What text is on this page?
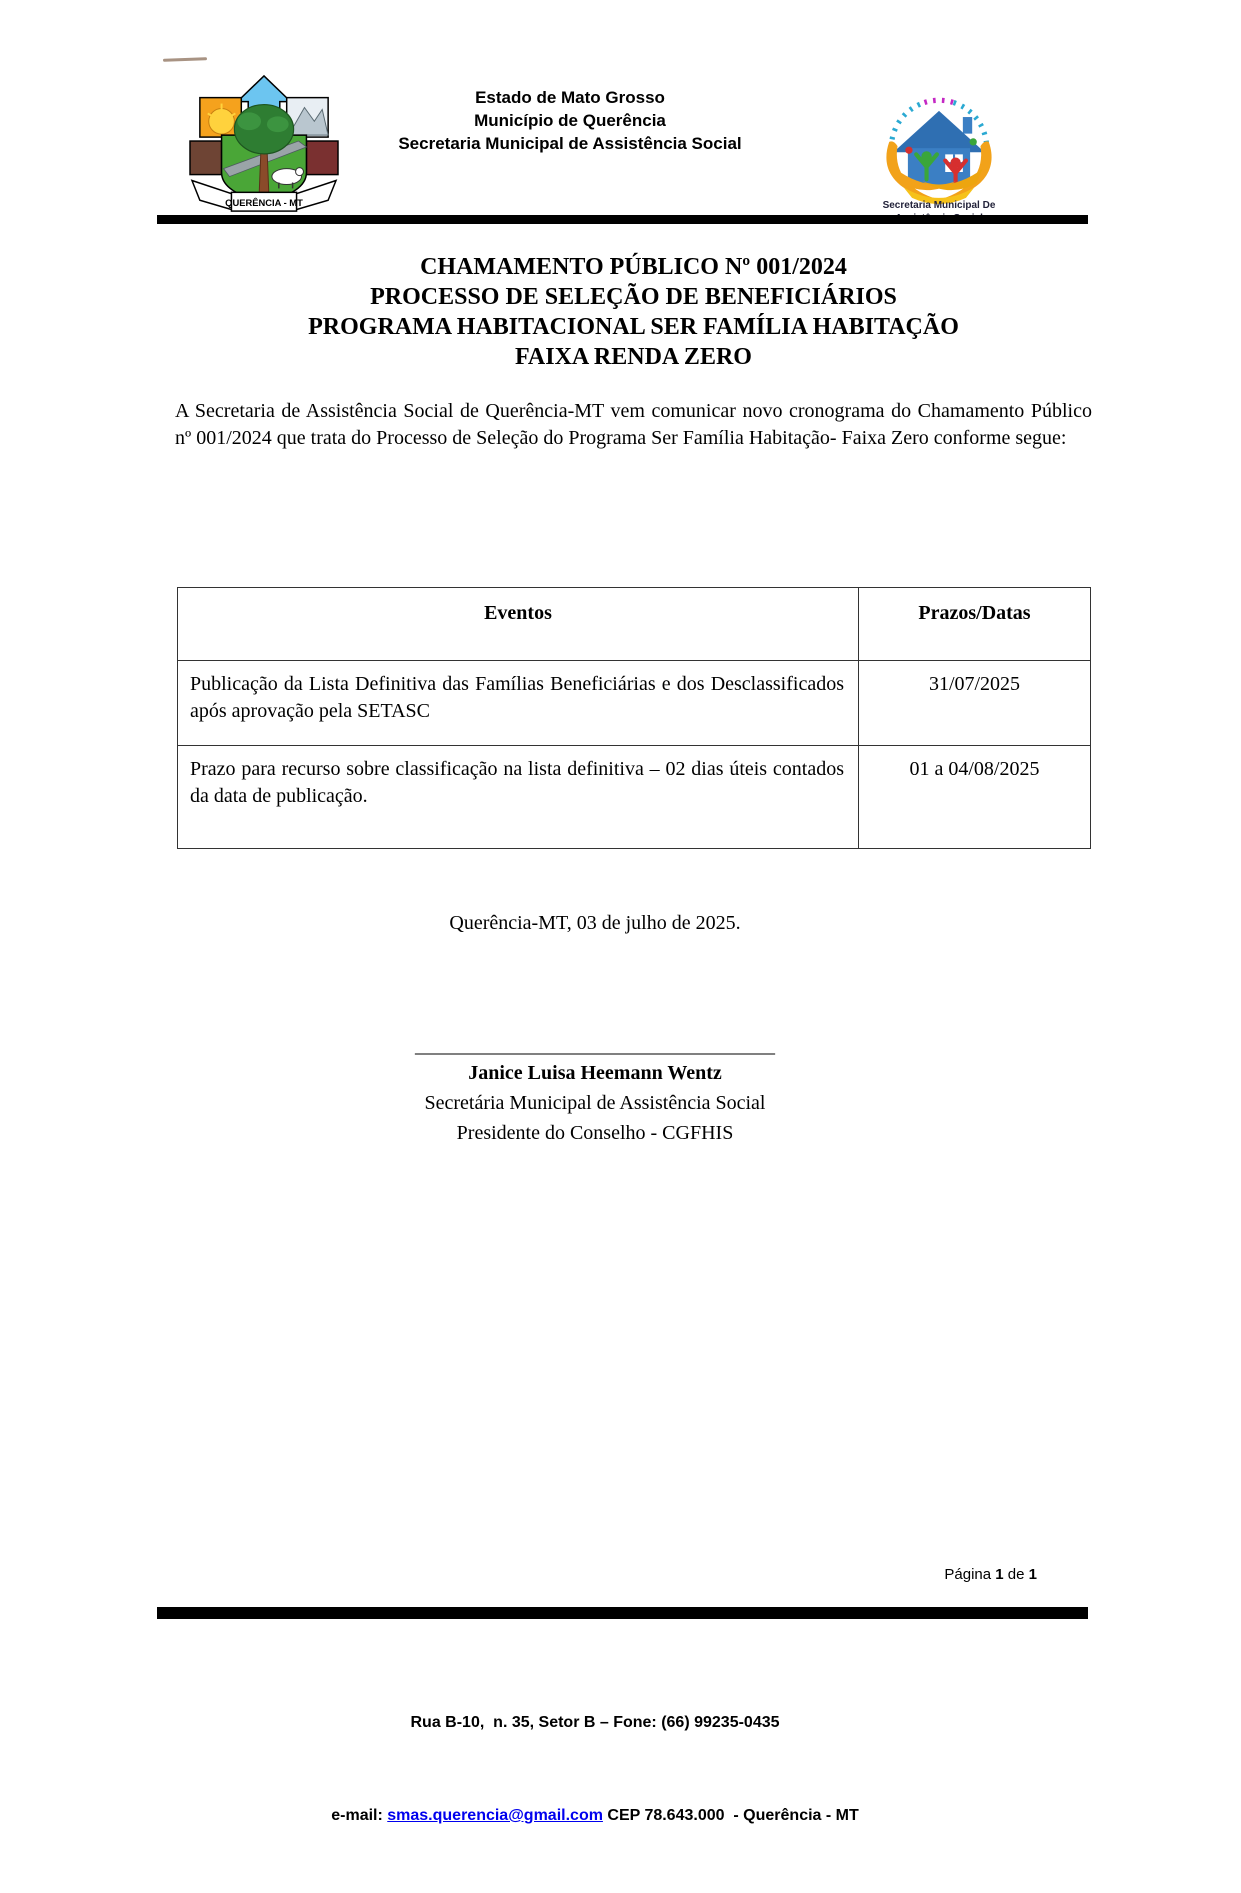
QUERÊNCIA - MT
Estado de Mato Grosso
Município de Querência
Secretaria Municipal de Assistência Social
Secretaria Municipal De
CHAMAMENTO PÚBLICO Nº 001/2024
PROCESSO DE SELEÇÃO DE BENEFICIÁRIOS
PROGRAMA HABITACIONAL SER FAMÍLIA HABITAÇÃO
FAIXA RENDA ZERO
A Secretaria de Assistência Social de Querência-MT vem comunicar novo cronograma do Chamamento Público nº 001/2024 que trata do Processo de Seleção do Programa Ser Família Habitação- Faixa Zero conforme segue:
Eventos	Prazos/Datas
Publicação da Lista Definitiva das Famílias Beneficiárias e dos Desclassificados após aprovação pela SETASC	31/07/2025
Prazo para recurso sobre classificação na lista definitiva – 02 dias úteis contados da data de publicação.	01 a 04/08/2025
Querência-MT, 03 de julho de 2025.
____________________________________
Janice Luisa Heemann Wentz
Secretária Municipal de Assistência Social
Presidente do Conselho - CGFHIS
Página 1 de 1

Rua B-10,  n. 35, Setor B – Fone: (66) 99235-0435

e-mail: smas.querencia@gmail.com CEP 78.643.000  - Querência - MT
